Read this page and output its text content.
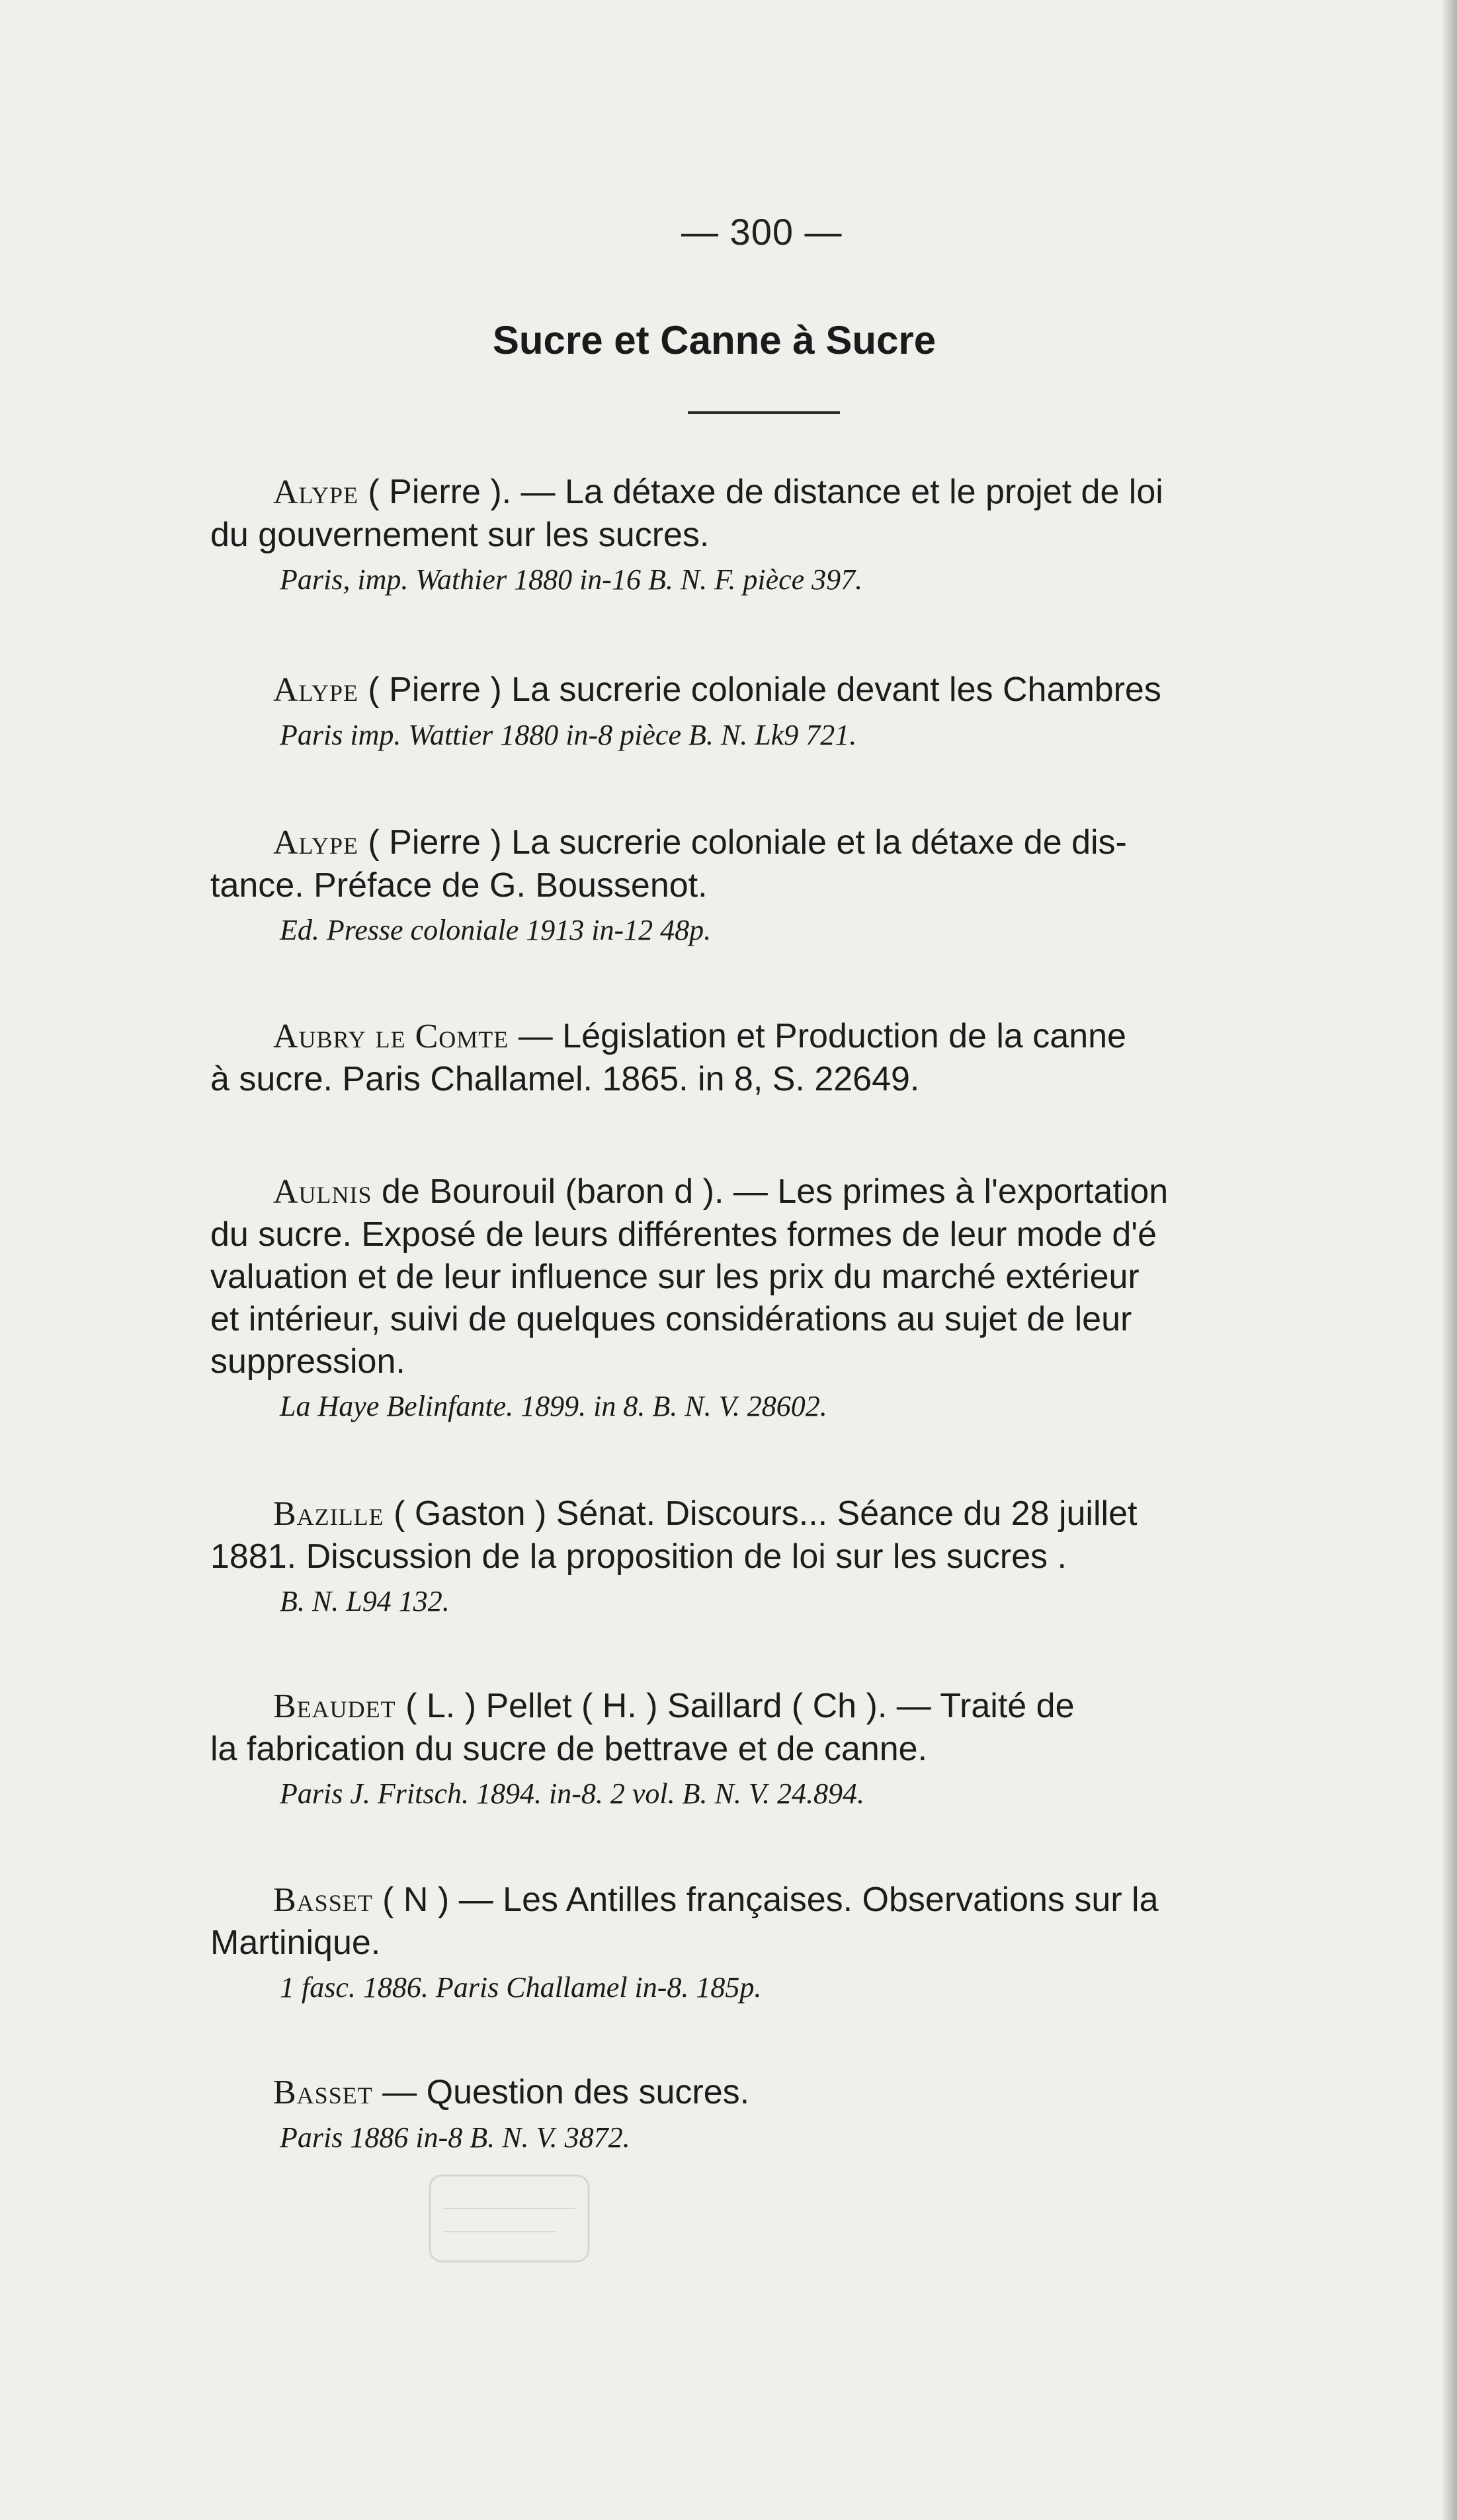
— 300 —
Sucre et Canne à Sucre

Alype ( Pierre ). — La détaxe de distance et le projet de loi
du gouvernement sur les sucres.

Paris, imp. Wathier 1880 in-16 B. N. F. pièce 397.

Alype ( Pierre ) La sucrerie coloniale devant les Chambres

Paris imp. Wattier 1880 in-8 pièce B. N. Lk9 721.

Alype ( Pierre ) La sucrerie coloniale et la détaxe de dis-
tance. Préface de G. Boussenot.

Ed. Presse coloniale 1913 in-12 48p.

Aubry le Comte — Législation et Production de la canne
à sucre. Paris Challamel. 1865. in 8, S. 22649.

Aulnis de Bourouil (baron d ). — Les primes à l'exportation
du sucre. Exposé de leurs différentes formes de leur mode d'é
valuation et de leur influence sur les prix du marché extérieur
et intérieur, suivi de quelques considérations au sujet de leur
suppression.

La Haye Belinfante. 1899. in 8. B. N. V. 28602.

Bazille ( Gaston ) Sénat. Discours... Séance du 28 juillet
1881. Discussion de la proposition de loi sur les sucres .

B. N. L94 132.

Beaudet ( L. ) Pellet ( H. ) Saillard ( Ch ). — Traité de
la fabrication du sucre de bettrave et de canne.

Paris J. Fritsch. 1894. in-8. 2 vol. B. N. V. 24.894.

Basset ( N ) — Les Antilles françaises. Observations sur la
Martinique.

1 fasc. 1886. Paris Challamel in-8. 185p.

Basset — Question des sucres.

Paris 1886 in-8 B. N. V. 3872.
